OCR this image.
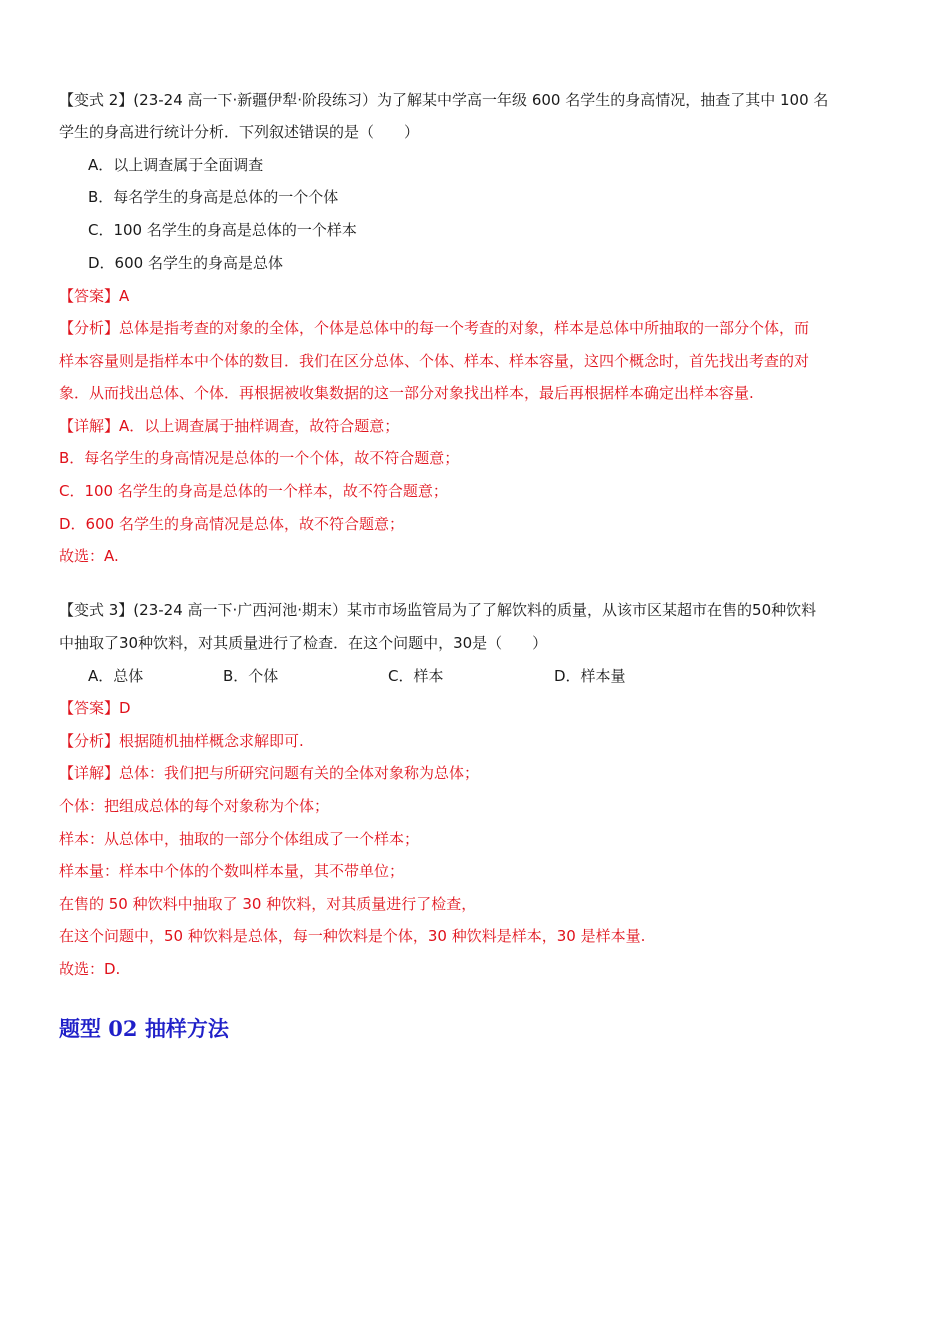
【变式 2】(23-24 高一下·新疆伊犁·阶段练习）为了解某中学高一年级 600 名学生的身高情况，抽查了其中 100 名
学生的身高进行统计分析．下列叙述错误的是（　　）
A．以上调查属于全面调查
B．每名学生的身高是总体的一个个体
C．100 名学生的身高是总体的一个样本
D．600 名学生的身高是总体
【答案】A
【分析】总体是指考查的对象的全体，个体是总体中的每一个考查的对象，样本是总体中所抽取的一部分个体，而
样本容量则是指样本中个体的数目．我们在区分总体、个体、样本、样本容量，这四个概念时，首先找出考查的对
象．从而找出总体、个体．再根据被收集数据的这一部分对象找出样本，最后再根据样本确定出样本容量.
【详解】A．以上调查属于抽样调查，故符合题意；
B．每名学生的身高情况是总体的一个个体，故不符合题意；
C．100 名学生的身高是总体的一个样本，故不符合题意；
D．600 名学生的身高情况是总体，故不符合题意；
故选：A.
【变式 3】(23-24 高一下·广西河池·期末）某市市场监管局为了了解饮料的质量，从该市区某超市在售的50种饮料
中抽取了30种饮料，对其质量进行了检查．在这个问题中，30是（　　）
A．总体	B．个体	C．样本	D．样本量
【答案】D
【分析】根据随机抽样概念求解即可.
【详解】总体：我们把与所研究问题有关的全体对象称为总体；
个体：把组成总体的每个对象称为个体；
样本：从总体中，抽取的一部分个体组成了一个样本；
样本量：样本中个体的个数叫样本量，其不带单位；
在售的 50 种饮料中抽取了 30 种饮料，对其质量进行了检查，
在这个问题中，50 种饮料是总体，每一种饮料是个体，30 种饮料是样本，30 是样本量.
故选：D.
题型 02 抽样方法
